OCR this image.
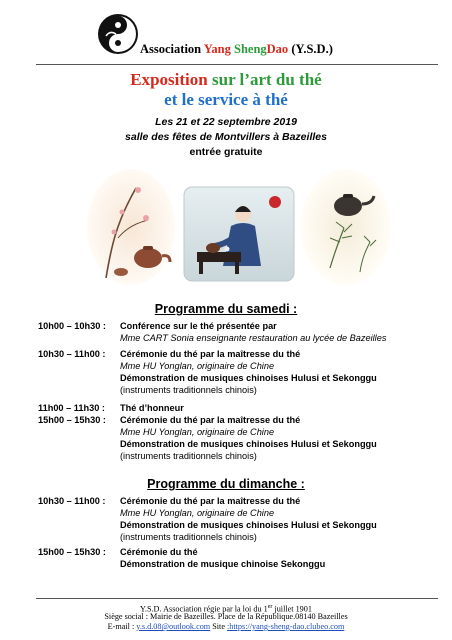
Association Yang ShengDao (Y.S.D.)
Exposition sur l’art du thé
et le service à thé
Les 21 et 22 septembre 2019
salle des fêtes de Montvillers à Bazeilles
entrée gratuite
Programme du samedi :
10h00 – 10h30 : Conférence sur le thé présentée par
Mme CART Sonia enseignante restauration au lycée de Bazeilles
10h30 – 11h00 : Cérémonie du thé par la maîtresse du thé
Mme HU Yonglan, originaire de Chine
Démonstration de musiques chinoises Hulusi et Sekonggu
(instruments traditionnels chinois)
11h00 – 11h30 : Thé d’honneur
15h00 – 15h30 : Cérémonie du thé par la maîtresse du thé
Mme HU Yonglan, originaire de Chine
Démonstration de musiques chinoises Hulusi et Sekonggu
(instruments traditionnels chinois)
Programme du dimanche :
10h30 – 11h00 : Cérémonie du thé par la maîtresse du thé
Mme HU Yonglan, originaire de Chine
Démonstration de musiques chinoises Hulusi et Sekonggu
(instruments traditionnels chinois)
15h00 – 15h30 : Cérémonie du thé
Démonstration de musique chinoise Sekonggu
Y.S.D. Association régie par la loi du 1er juillet 1901
Siège social : Mairie de Bazeilles. Place de la République.08140 Bazeilles
E-mail : y.s.d.08@outlook.com Site :https://yang-sheng-dao.clubeo.com
